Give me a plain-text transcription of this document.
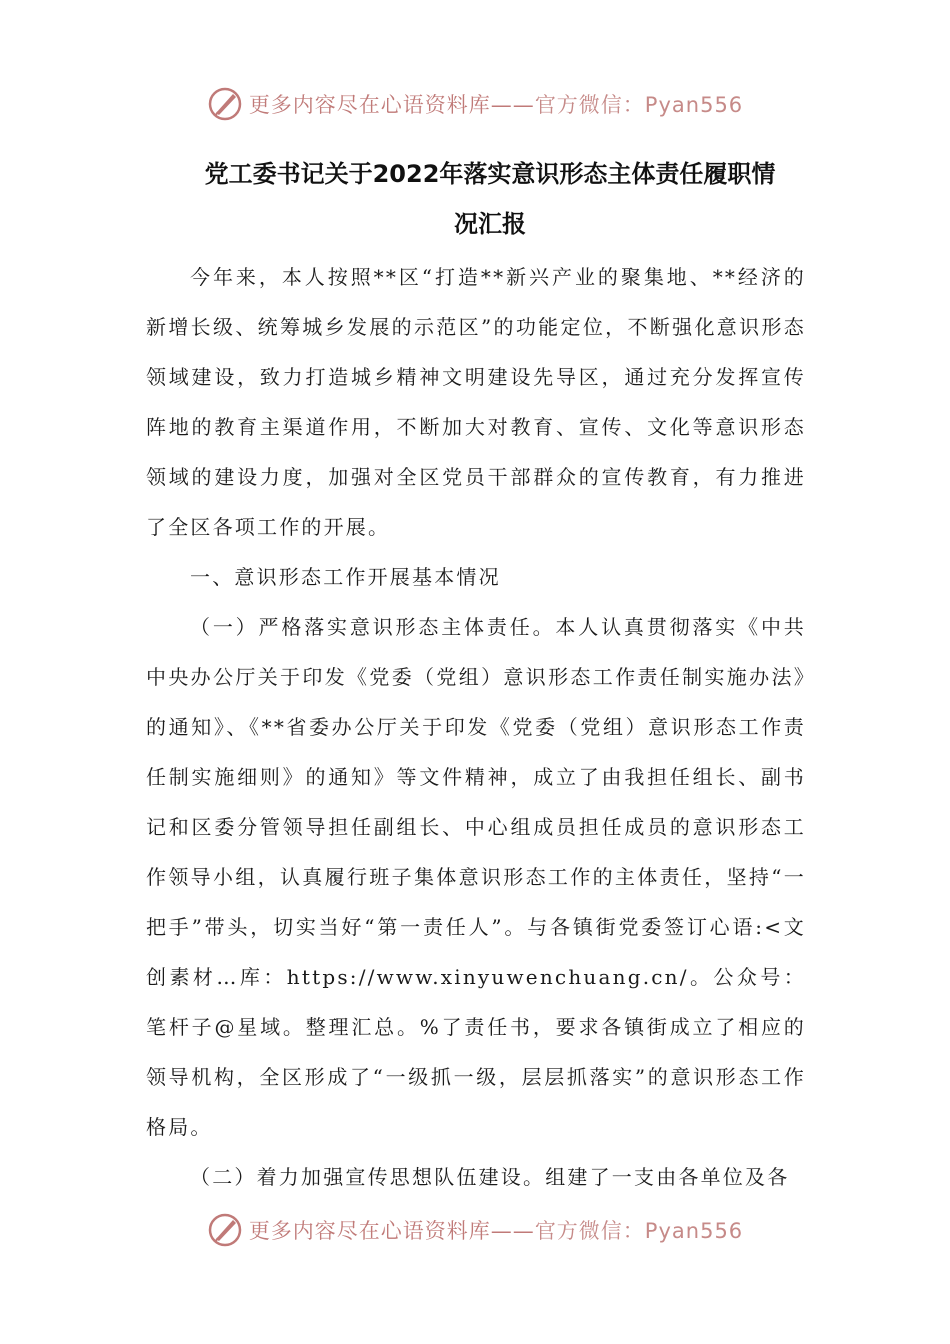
更多内容尽在心语资料库——官方微信：Pyan556
党工委书记关于2022年落实意识形态主体责任履职情
况汇报

今年来，本人按照**区“打造**新兴产业的聚集地、**经济的新增长级、统筹城乡发展的示范区”的功能定位，不断强化意识形态领域建设，致力打造城乡精神文明建设先导区，通过充分发挥宣传阵地的教育主渠道作用，不断加大对教育、宣传、文化等意识形态领域的建设力度，加强对全区党员干部群众的宣传教育，有力推进了全区各项工作的开展。

一、意识形态工作开展基本情况

（一）严格落实意识形态主体责任。本人认真贯彻落实《中共中央办公厅关于印发《党委（党组）意识形态工作责任制实施办法》的通知》、《**省委办公厅关于印发《党委（党组）意识形态工作责任制实施细则》的通知》等文件精神，成立了由我担任组长、副书记和区委分管领导担任副组长、中心组成员担任成员的意识形态工作领导小组，认真履行班子集体意识形态工作的主体责任，坚持“一把手”带头，切实当好“第一责任人”。与各镇街党委签订心语:<文创素材…库：https://www.xinyuwenchuang.cn/。公众号：笔杆子@星域。整理汇总。%了责任书，要求各镇街成立了相应的领导机构，全区形成了“一级抓一级，层层抓落实”的意识形态工作格局。

（二）着力加强宣传思想队伍建设。组建了一支由各单位及各

更多内容尽在心语资料库——官方微信：Pyan556
